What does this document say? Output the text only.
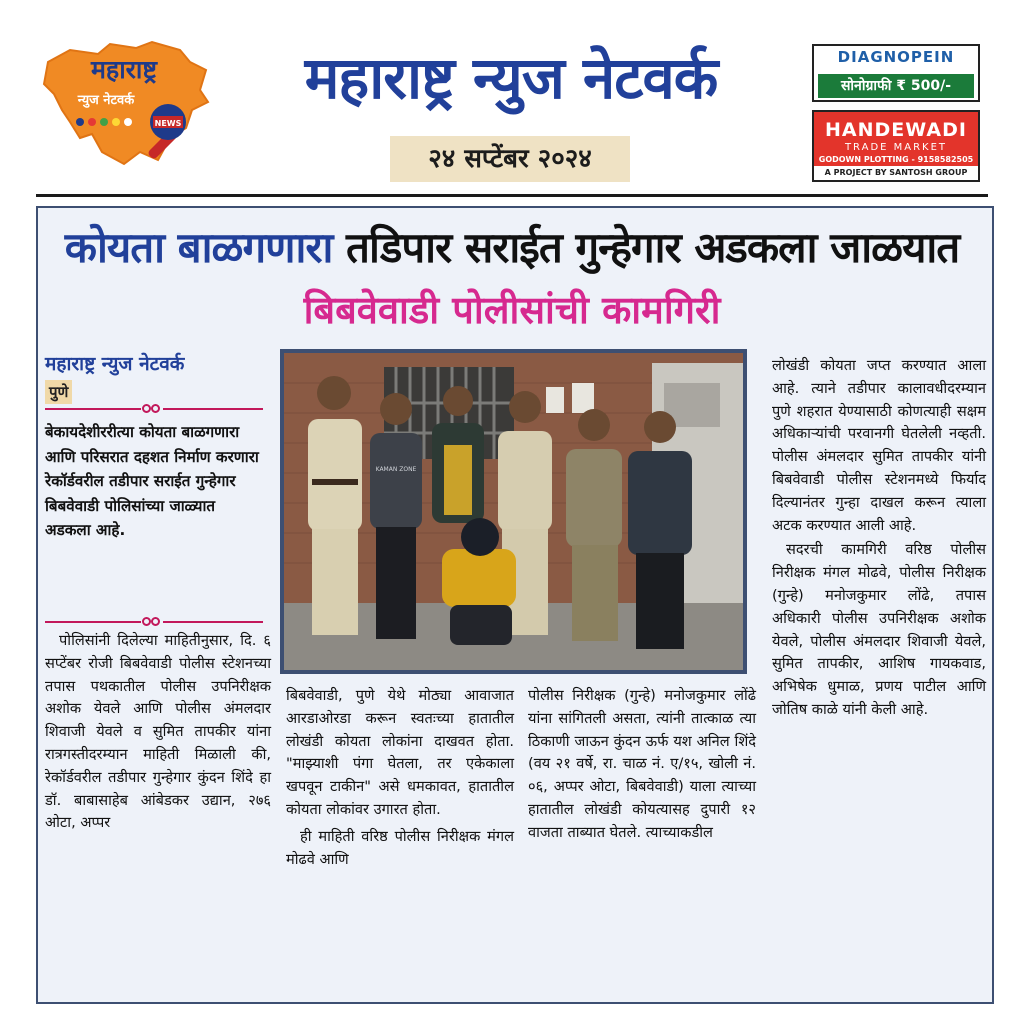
महाराष्ट्र
न्युज नेटवर्क
NEWS
महाराष्ट्र न्युज नेटवर्क
२४ सप्टेंबर २०२४
DIAGNOPEIN
सोनोग्राफी ₹ 500/-
HANDEWADI
TRADE MARKET
GODOWN PLOTTING - 9158582505
A PROJECT BY SANTOSH GROUP
कोयता बाळगणारा तडिपार सराईत गुन्हेगार अडकला जाळयात
बिबवेवाडी पोलीसांची कामगिरी
महाराष्ट्र न्युज नेटवर्क
पुणे
बेकायदेशीररीत्या कोयता बाळगणारा आणि परिसरात दहशत निर्माण करणारा रेकॉर्डवरील तडीपार सराईत गुन्हेगार बिबवेवाडी पोलिसांच्या जाळ्यात अडकला आहे.

पोलिसांनी दिलेल्या माहितीनुसार, दि. ६ सप्टेंबर रोजी बिबवेवाडी पोलीस स्टेशनच्या तपास पथकातील पोलीस उपनिरीक्षक अशोक येवले आणि पोलीस अंमलदार शिवाजी येवले व सुमित तापकीर यांना रात्रगस्तीदरम्यान माहिती मिळाली की, रेकॉर्डवरील तडीपार गुन्हेगार कुंदन शिंदे हा डॉ. बाबासाहेब आंबेडकर उद्यान, २७६ ओटा, अप्पर

बिबवेवाडी, पुणे येथे मोठ्या आवाजात आरडाओरडा करून स्वतःच्या हातातील लोखंडी कोयता लोकांना दाखवत होता. "माझ्याशी पंगा घेतला, तर एकेकाला खपवून टाकीन" असे धमकावत, हातातील कोयता लोकांवर उगारत होता.

ही माहिती वरिष्ठ पोलीस निरीक्षक मंगल मोढवे आणि

पोलीस निरीक्षक (गुन्हे) मनोजकुमार लोंढे यांना सांगितली असता, त्यांनी तात्काळ त्या ठिकाणी जाऊन कुंदन ऊर्फ यश अनिल शिंदे (वय २१ वर्षे, रा. चाळ नं. ए/१५, खोली नं. ०६, अप्पर ओटा, बिबवेवाडी) याला त्याच्या हातातील लोखंडी कोयत्यासह दुपारी १२ वाजता ताब्यात घेतले. त्याच्याकडील

लोखंडी कोयता जप्त करण्यात आला आहे. त्याने तडीपार कालावधीदरम्यान पुणे शहरात येण्यासाठी कोणत्याही सक्षम अधिकाऱ्यांची परवानगी घेतलेली नव्हती. पोलीस अंमलदार सुमित तापकीर यांनी बिबवेवाडी पोलीस स्टेशनमध्ये फिर्याद दिल्यानंतर गुन्हा दाखल करून त्याला अटक करण्यात आली आहे.

सदरची कामगिरी वरिष्ठ पोलीस निरीक्षक मंगल मोढवे, पोलीस निरीक्षक (गुन्हे) मनोजकुमार लोंढे, तपास अधिकारी पोलीस उपनिरीक्षक अशोक येवले, पोलीस अंमलदार शिवाजी येवले, सुमित तापकीर, आशिष गायकवाड, अभिषेक धुमाळ, प्रणय पाटील आणि जोतिष काळे यांनी केली आहे.

KAMAN ZONE
